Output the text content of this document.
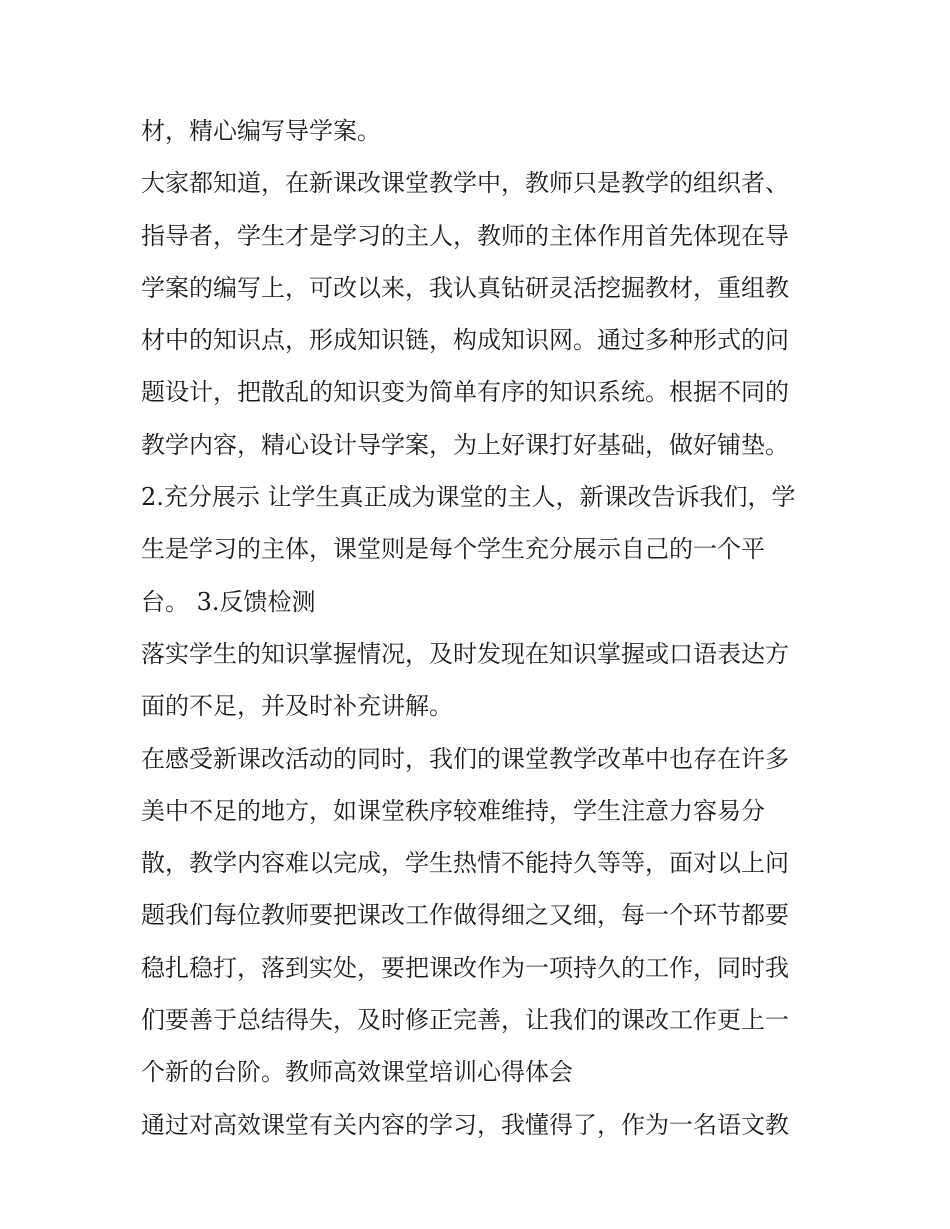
材，精心编写导学案。
大家都知道，在新课改课堂教学中，教师只是教学的组织者、
指导者，学生才是学习的主人，教师的主体作用首先体现在导
学案的编写上，可改以来，我认真钻研灵活挖掘教材，重组教
材中的知识点，形成知识链，构成知识网。通过多种形式的问
题设计，把散乱的知识变为简单有序的知识系统。根据不同的
教学内容，精心设计导学案，为上好课打好基础，做好铺垫。
2.充分展示 让学生真正成为课堂的主人，新课改告诉我们，学
生是学习的主体，课堂则是每个学生充分展示自己的一个平
台。 3.反馈检测
落实学生的知识掌握情况，及时发现在知识掌握或口语表达方
面的不足，并及时补充讲解。
在感受新课改活动的同时，我们的课堂教学改革中也存在许多
美中不足的地方，如课堂秩序较难维持，学生注意力容易分
散，教学内容难以完成，学生热情不能持久等等，面对以上问
题我们每位教师要把课改工作做得细之又细，每一个环节都要
稳扎稳打，落到实处，要把课改作为一项持久的工作，同时我
们要善于总结得失，及时修正完善，让我们的课改工作更上一
个新的台阶。教师高效课堂培训心得体会
通过对高效课堂有关内容的学习，我懂得了，作为一名语文教
